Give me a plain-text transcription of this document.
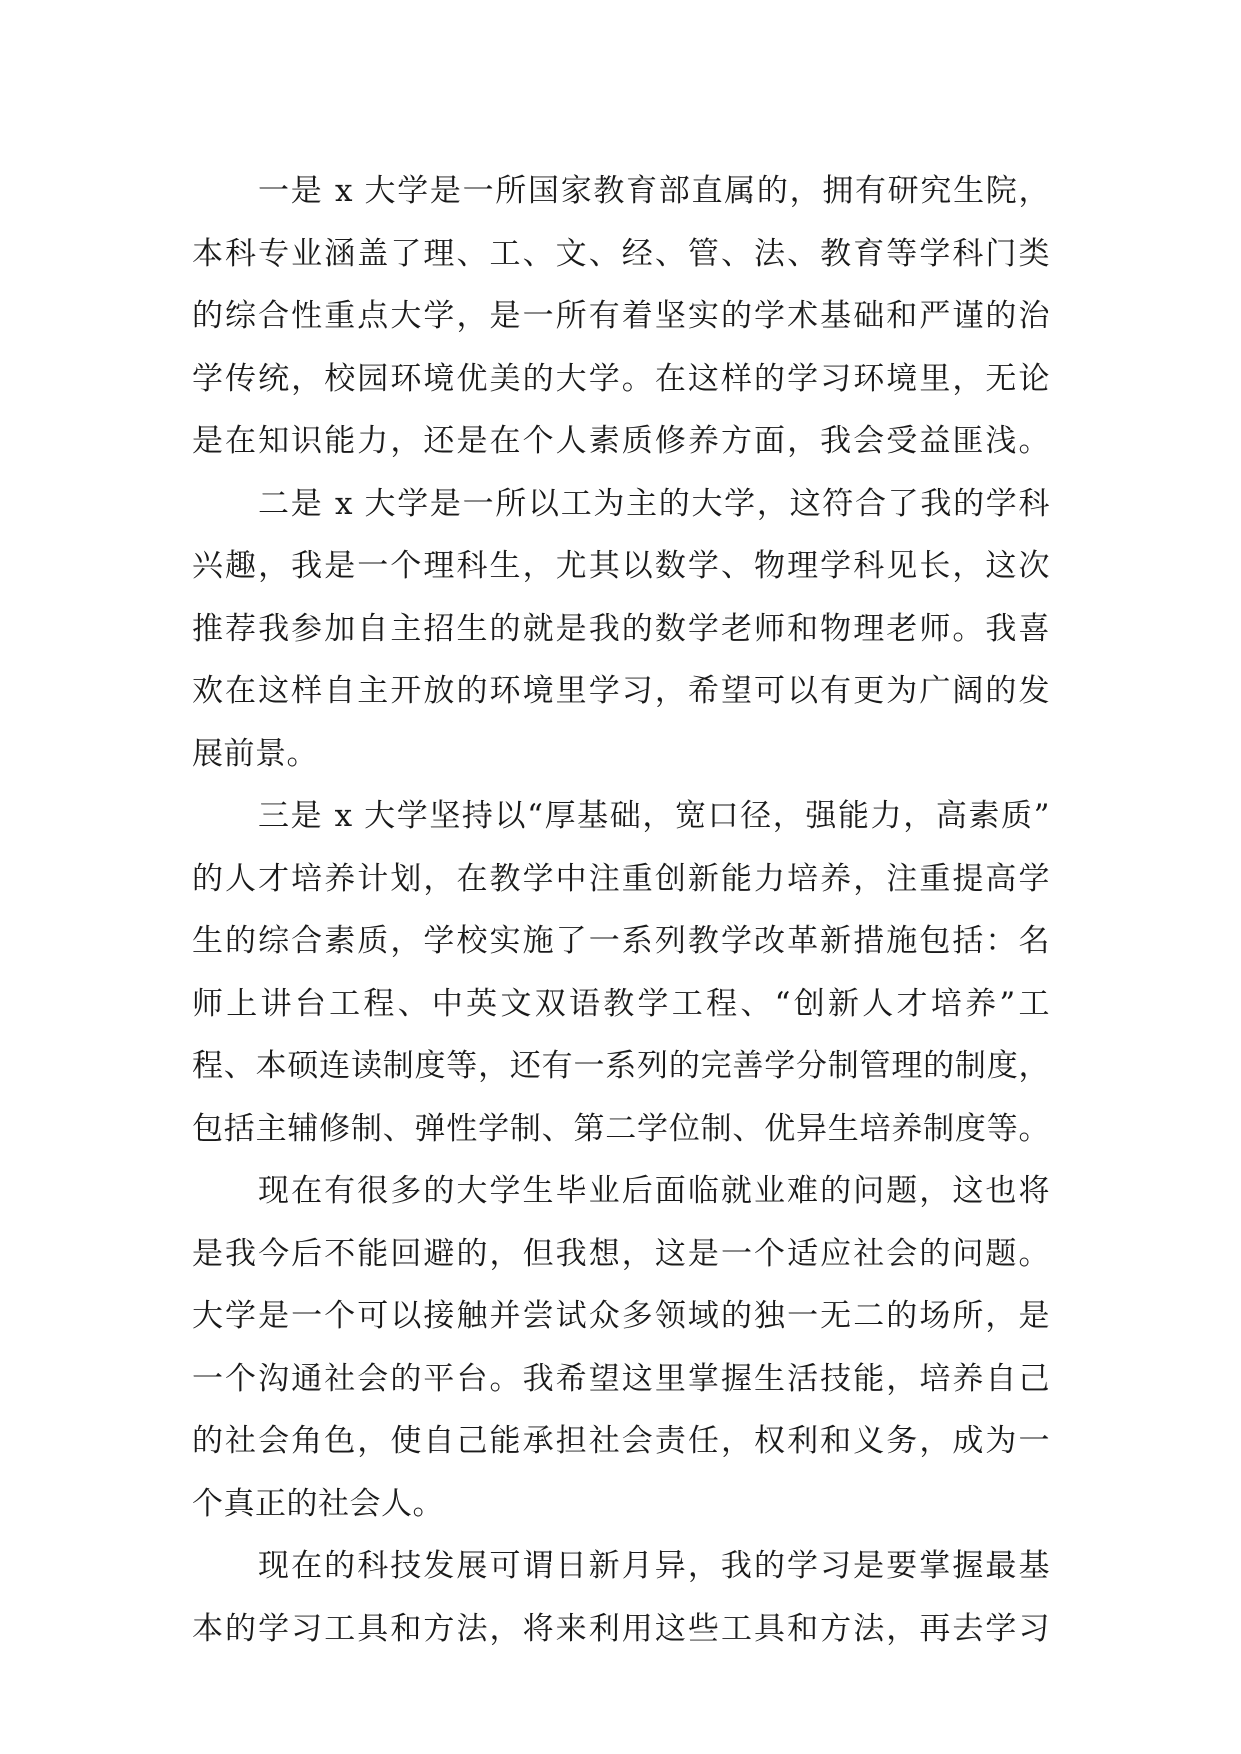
一是 x 大学是一所国家教育部直属的，拥有研究生院，
本科专业涵盖了理、工、文、经、管、法、教育等学科门类
的综合性重点大学，是一所有着坚实的学术基础和严谨的治
学传统，校园环境优美的大学。在这样的学习环境里，无论
是在知识能力，还是在个人素质修养方面，我会受益匪浅。
二是 x 大学是一所以工为主的大学，这符合了我的学科
兴趣，我是一个理科生，尤其以数学、物理学科见长，这次
推荐我参加自主招生的就是我的数学老师和物理老师。我喜
欢在这样自主开放的环境里学习，希望可以有更为广阔的发
展前景。
三是 x 大学坚持以“厚基础，宽口径，强能力，高素质”
的人才培养计划，在教学中注重创新能力培养，注重提高学
生的综合素质，学校实施了一系列教学改革新措施包括：名
师上讲台工程、中英文双语教学工程、“创新人才培养”工
程、本硕连读制度等，还有一系列的完善学分制管理的制度，
包括主辅修制、弹性学制、第二学位制、优异生培养制度等。
现在有很多的大学生毕业后面临就业难的问题，这也将
是我今后不能回避的，但我想，这是一个适应社会的问题。
大学是一个可以接触并尝试众多领域的独一无二的场所，是
一个沟通社会的平台。我希望这里掌握生活技能，培养自己
的社会角色，使自己能承担社会责任，权利和义务，成为一
个真正的社会人。
现在的科技发展可谓日新月异，我的学习是要掌握最基
本的学习工具和方法，将来利用这些工具和方法，再去学习
